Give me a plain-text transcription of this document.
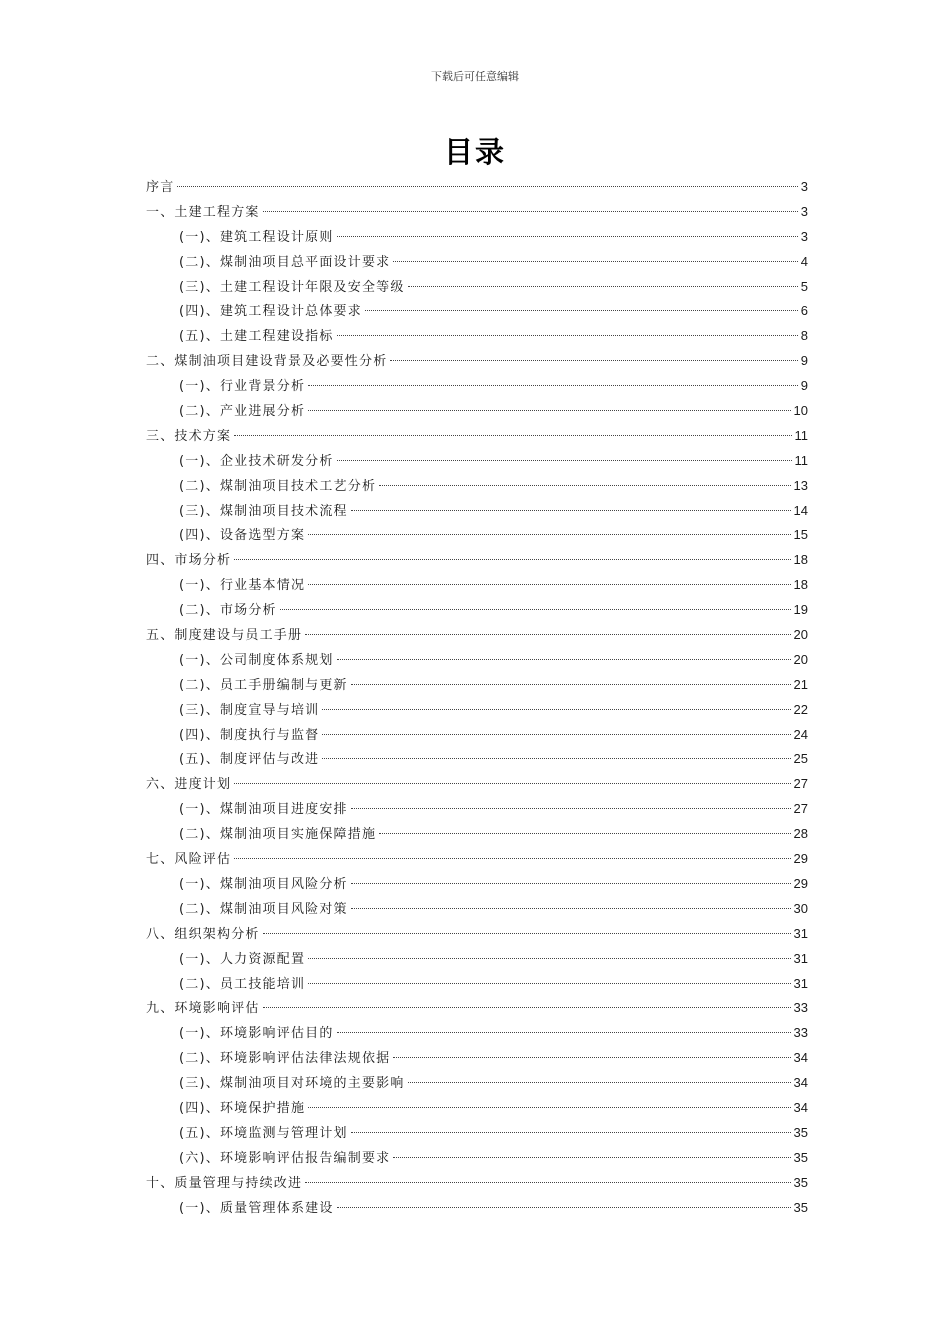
下载后可任意编辑
目录
序言	3
一、土建工程方案	3
(一)、建筑工程设计原则	3
(二)、煤制油项目总平面设计要求	4
(三)、土建工程设计年限及安全等级	5
(四)、建筑工程设计总体要求	6
(五)、土建工程建设指标	8
二、煤制油项目建设背景及必要性分析	9
(一)、行业背景分析	9
(二)、产业进展分析	10
三、技术方案	11
(一)、企业技术研发分析	11
(二)、煤制油项目技术工艺分析	13
(三)、煤制油项目技术流程	14
(四)、设备选型方案	15
四、市场分析	18
(一)、行业基本情况	18
(二)、市场分析	19
五、制度建设与员工手册	20
(一)、公司制度体系规划	20
(二)、员工手册编制与更新	21
(三)、制度宣导与培训	22
(四)、制度执行与监督	24
(五)、制度评估与改进	25
六、进度计划	27
(一)、煤制油项目进度安排	27
(二)、煤制油项目实施保障措施	28
七、风险评估	29
(一)、煤制油项目风险分析	29
(二)、煤制油项目风险对策	30
八、组织架构分析	31
(一)、人力资源配置	31
(二)、员工技能培训	31
九、环境影响评估	33
(一)、环境影响评估目的	33
(二)、环境影响评估法律法规依据	34
(三)、煤制油项目对环境的主要影响	34
(四)、环境保护措施	34
(五)、环境监测与管理计划	35
(六)、环境影响评估报告编制要求	35
十、质量管理与持续改进	35
(一)、质量管理体系建设	35
